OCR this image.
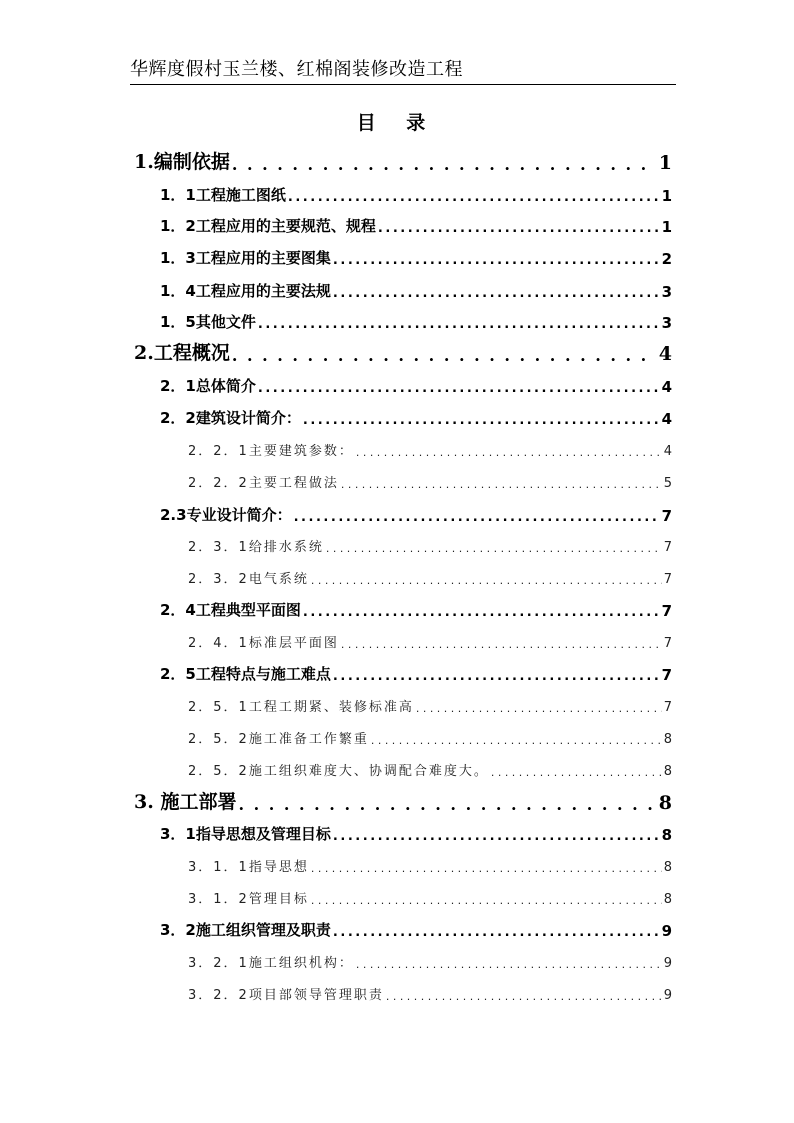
华辉度假村玉兰楼、红棉阁装修改造工程
目 录
1.编制依据 . . .	1
1．1工程施工图纸 . . .	1
1．2工程应用的主要规范、规程 . . .	1
1．3工程应用的主要图集 . . .	2
1．4工程应用的主要法规 . . .	3
1．5其他文件 . . .	3
2.工程概况 . . .	4
2．1总体简介 . . .	4
2．2建筑设计简介： . . .	4
2．2．1主要建筑参数： . . .	4
2．2．2主要工程做法 . . .	5
2.3专业设计简介： . . .	7
2．3．1给排水系统 . . .	7
2．3．2电气系统 . . .	7
2．4工程典型平面图 . . .	7
2．4．1标准层平面图 . . .	7
2．5工程特点与施工难点 . . .	7
2．5．1工程工期紧、装修标准高 . . .	7
2．5．2施工准备工作繁重 . . .	8
2．5．2施工组织难度大、协调配合难度大。 . . .	8
3. 施工部署 . . .	8
3．1指导思想及管理目标 . . .	8
3．1．1指导思想 . . .	8
3．1．2管理目标 . . .	8
3．2施工组织管理及职责 . . .	9
3．2．1施工组织机构： . . .	9
3．2．2项目部领导管理职责 . . .	9
